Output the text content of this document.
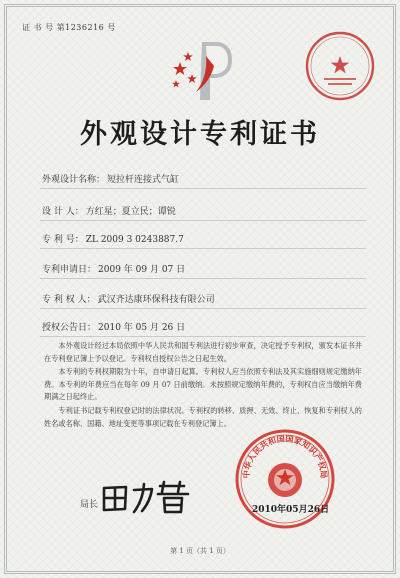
证 书 号 第1236216 号
外观设计专利证书
外观设计名称： 短拉杆连接式气缸
设 计 人： 方红星；夏立民；谭锐
专 利 号： ZL 2009 3 0243887.7
专利申请日： 2009 年 09 月 07 日
专 利 权 人： 武汉齐达康环保科技有限公司
授权公告日： 2010 年 05 月 26 日

本外观设计经过本局依照中华人民共和国专利法进行初步审查，决定授予专利权，颁发本证书并在专利登记簿上予以登记。专利权自授权公告之日起生效。

本专利的专利权期限为十年，自申请日起算。专利权人应当依照专利法及其实施细则规定缴纳年费。本专利的年费应当在每年 09 月 07 日前缴纳。未按照规定缴纳年费的，专利权自应当缴纳年费期满之日起终止。

专利证书记载专利权登记时的法律状况。专利权的转移、质押、无效、终止、恢复和专利权人的姓名或名称、国籍、地址变更等事项记载在专利登记簿上。

局长
中华人民共和国国家知识产权局
2010年05月26日
第 1 页（共 1 页）
